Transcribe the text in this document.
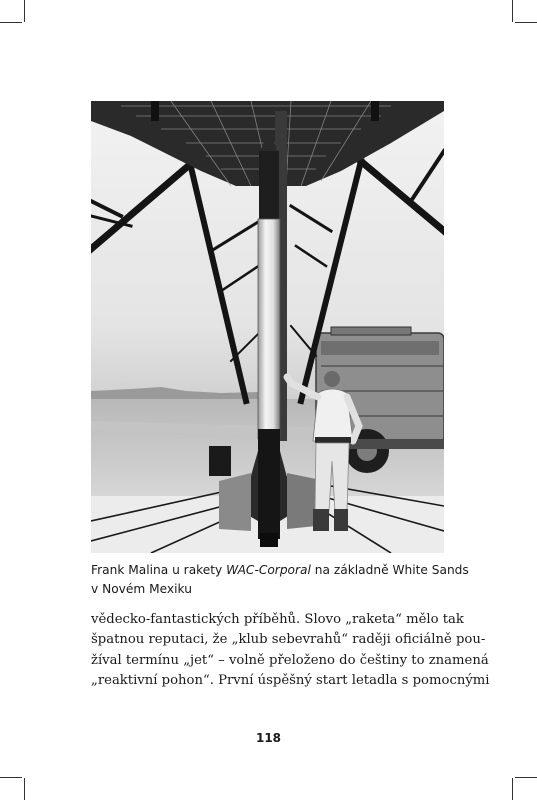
Frank Malina u rakety WAC-Corporal na základně White Sands
v Novém Mexiku
vědecko-fantastických příběhů. Slovo „raketa“ mělo tak
špatnou reputaci, že „klub sebevrahů“ raději oficiálně pou-
žíval termínu „jet“ – volně přeloženo do češtiny to znamená
„reaktivní pohon“. První úspěšný start letadla s pomocnými
118
